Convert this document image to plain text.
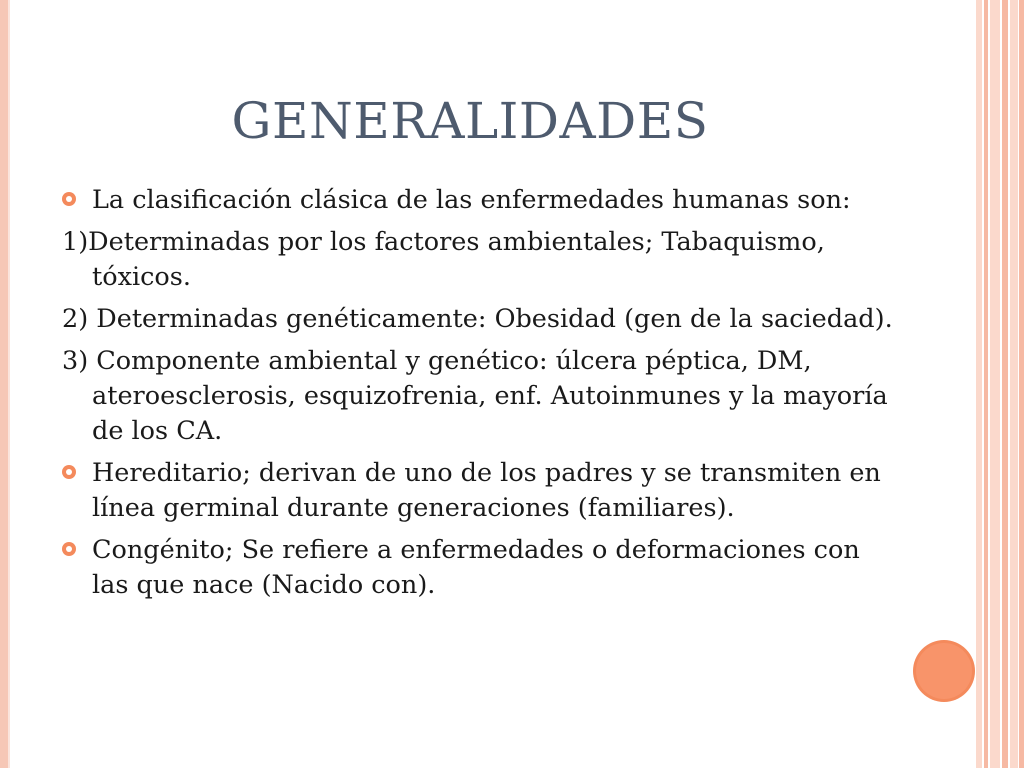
GENERALIDADES

La clasificación clásica de las enfermedades humanas son:

1)Determinadas por los factores ambientales; Tabaquismo, tóxicos.

2) Determinadas genéticamente: Obesidad (gen de la saciedad).

3) Componente ambiental y genético: úlcera péptica, DM, ateroesclerosis, esquizofrenia, enf. Autoinmunes y la mayoría de los CA.

Hereditario; derivan de uno de los padres y se transmiten en línea germinal durante generaciones (familiares).

Congénito; Se refiere a enfermedades o deformaciones con las que nace (Nacido con).
